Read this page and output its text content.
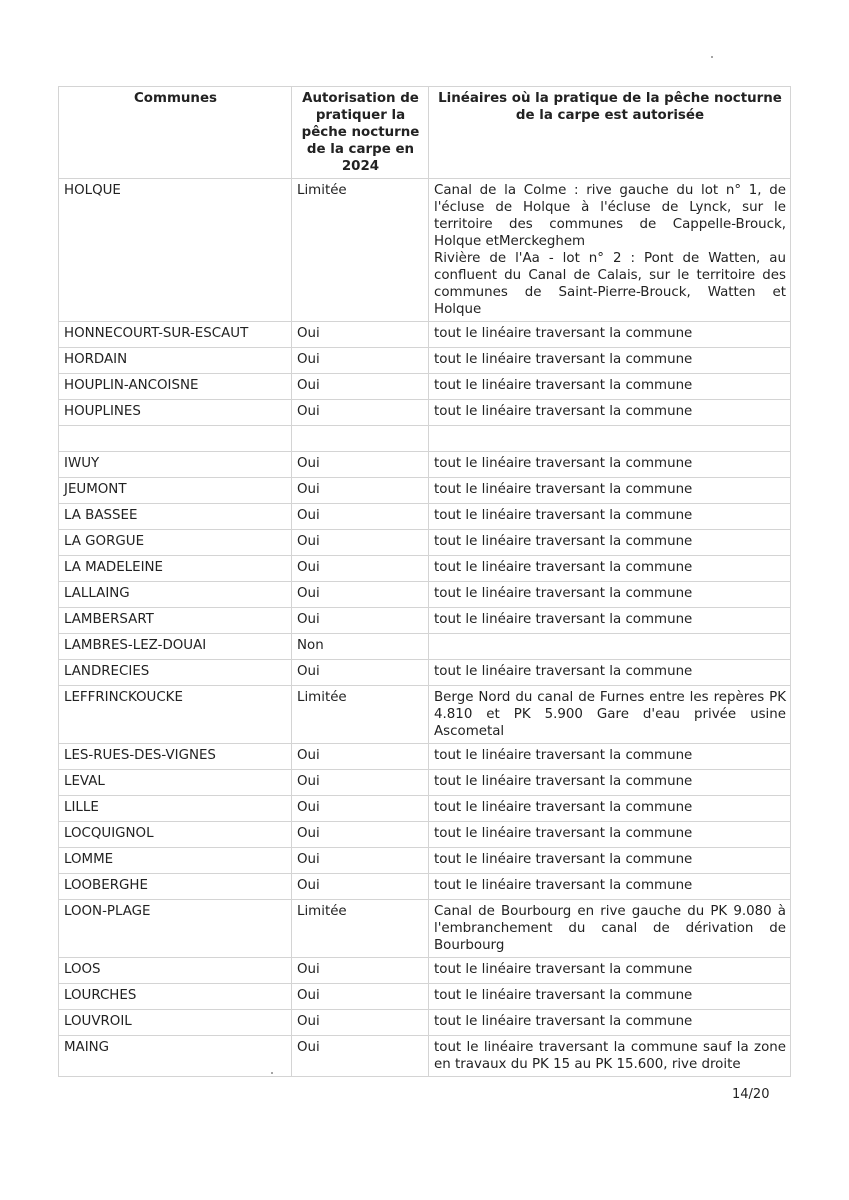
Communes	Autorisation de pratiquer la pêche nocturne de la carpe en 2024	Linéaires où la pratique de la pêche nocturne de la carpe est autorisée
HOLQUE	Limitée	Canal de la Colme : rive gauche du lot n° 1, de l'écluse de Holque à l'écluse de Lynck, sur le territoire des communes de Cappelle-Brouck, Holque etMerckeghem
Rivière de l'Aa - lot n° 2 : Pont de Watten, au confluent du Canal de Calais, sur le territoire des communes de Saint-Pierre-Brouck, Watten et Holque
HONNECOURT-SUR-ESCAUT	Oui	tout le linéaire traversant la commune
HORDAIN	Oui	tout le linéaire traversant la commune
HOUPLIN-ANCOISNE	Oui	tout le linéaire traversant la commune
HOUPLINES	Oui	tout le linéaire traversant la commune

IWUY	Oui	tout le linéaire traversant la commune
JEUMONT	Oui	tout le linéaire traversant la commune
LA BASSEE	Oui	tout le linéaire traversant la commune
LA GORGUE	Oui	tout le linéaire traversant la commune
LA MADELEINE	Oui	tout le linéaire traversant la commune
LALLAING	Oui	tout le linéaire traversant la commune
LAMBERSART	Oui	tout le linéaire traversant la commune
LAMBRES-LEZ-DOUAI	Non	
LANDRECIES	Oui	tout le linéaire traversant la commune
LEFFRINCKOUCKE	Limitée	Berge Nord du canal de Furnes entre les repères PK 4.810 et PK 5.900 Gare d'eau privée usine Ascometal
LES-RUES-DES-VIGNES	Oui	tout le linéaire traversant la commune
LEVAL	Oui	tout le linéaire traversant la commune
LILLE	Oui	tout le linéaire traversant la commune
LOCQUIGNOL	Oui	tout le linéaire traversant la commune
LOMME	Oui	tout le linéaire traversant la commune
LOOBERGHE	Oui	tout le linéaire traversant la commune
LOON-PLAGE	Limitée	Canal de Bourbourg en rive gauche du PK 9.080 à l'embranchement du canal de dérivation de Bourbourg
LOOS	Oui	tout le linéaire traversant la commune
LOURCHES	Oui	tout le linéaire traversant la commune
LOUVROIL	Oui	tout le linéaire traversant la commune
MAING	Oui	tout le linéaire traversant la commune sauf la zone en travaux du PK 15 au PK 15.600, rive droite
14/20
